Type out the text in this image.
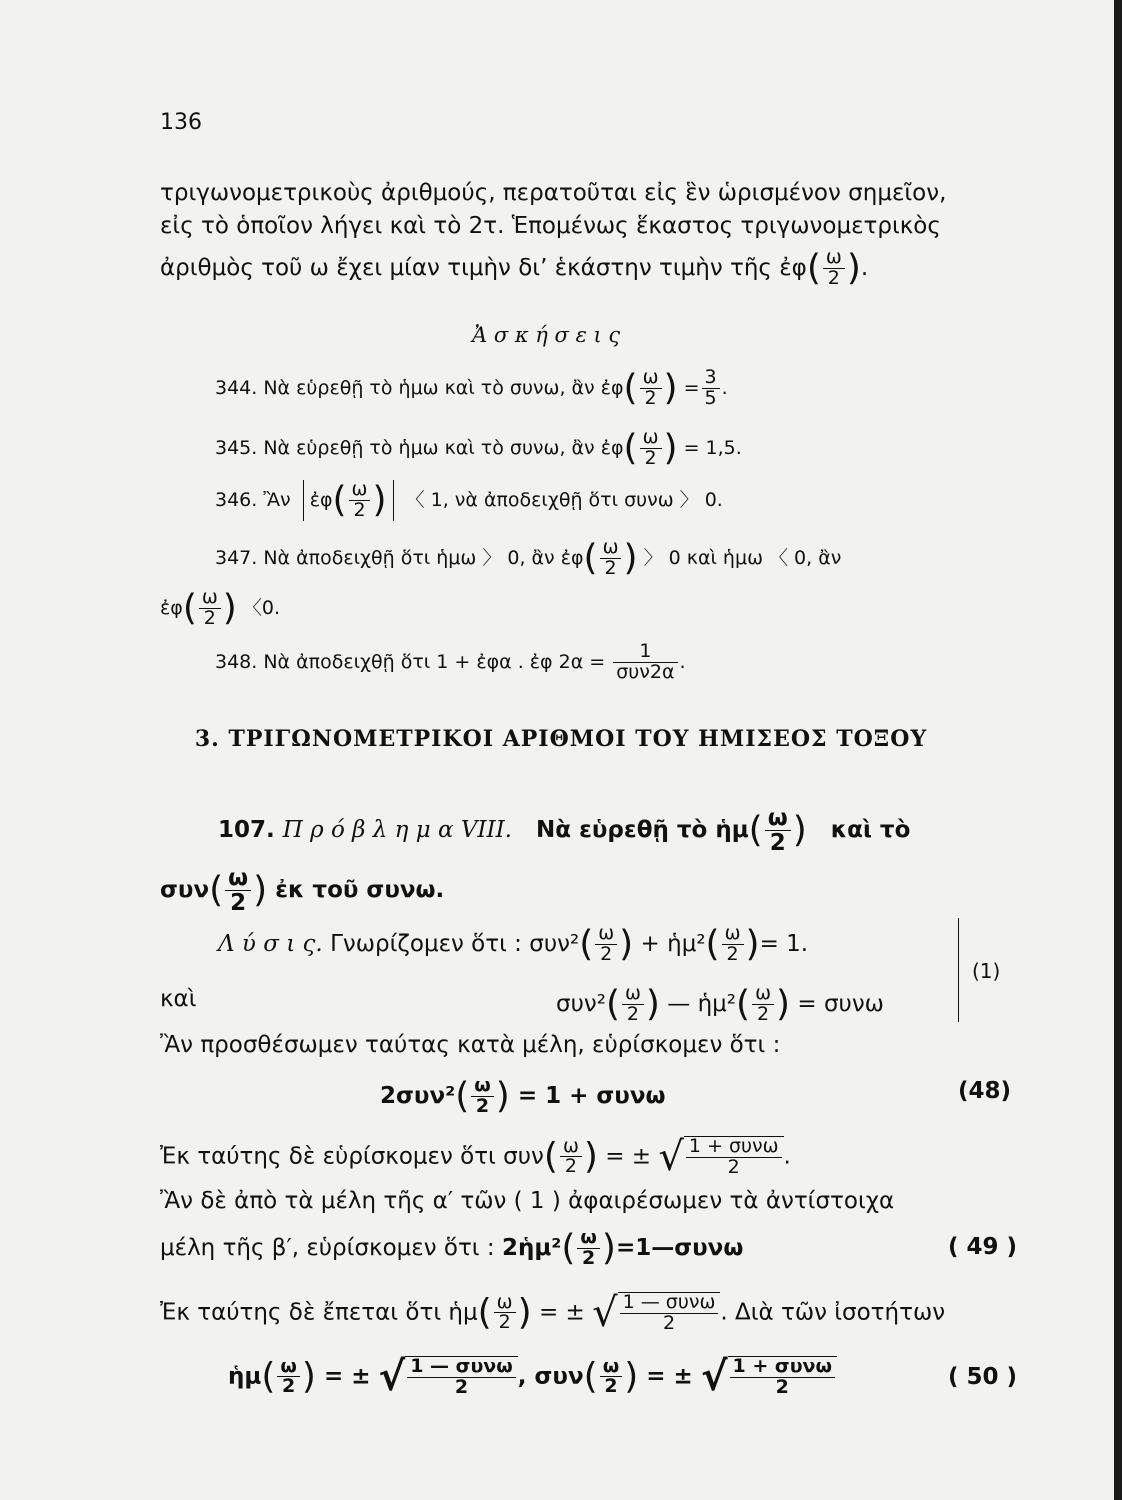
136
τριγωνομετρικοὺς ἀριθμούς, περατοῦται εἰς ἓν ὡρισμένον σημεῖον,
εἰς τὸ ὁποῖον λήγει καὶ τὸ 2τ. Ἑπομένως ἕκαστος τριγωνομετρικὸς
ἀριθμὸς τοῦ ω ἔχει μίαν τιμὴν δι’ ἑκάστην τιμὴν τῆς ἐφ( $\frac{\omega}{2}$ ).
Ἀ σ κ ή σ ε ι ς
344. Νὰ εὑρεθῇ τὸ ἡμω καὶ τὸ συνω, ἂν ἐφ( $\frac{\omega}{2}$ ) = $\frac{3}{5}$ .
345. Νὰ εὑρεθῇ τὸ ἡμω καὶ τὸ συνω, ἂν ἐφ( $\frac{\omega}{2}$ ) = 1,5.
346. Ἂν ἐφ( $\frac{\omega}{2}$ ) 〈 1, νὰ ἀποδειχθῇ ὅτι συνω 〉 0.
347. Νὰ ἀποδειχθῇ ὅτι ἡμω 〉 0, ἂν ἐφ( $\frac{\omega}{2}$ ) 〉 0 καὶ ἡμω 〈 0, ἂν
ἐφ( $\frac{\omega}{2}$ ) 〈0.
348. Νὰ ἀποδειχθῇ ὅτι 1 + ἐφα . ἐφ $2\alpha = \frac{1}{\text{συν2α}}$ .
3. ΤΡΙΓΩΝΟΜΕΤΡΙΚΟΙ ΑΡΙΘΜΟΙ ΤΟΥ ΗΜΙΣΕΟΣ ΤΟΞΟΥ
107. Π ρ ό β λ η μ α VIII. Νὰ εὑρεθῇ τὸ ἡμ( $\frac{\omega}{2}$ ) καὶ τὸ
$\sigma\upsilon\nu( \frac{\omega}{2}$ ) ἐκ τοῦ συνω.
Λ ύ σ ι ς. Γνωρίζομεν ὅτι : $\sigma\upsilon\nu^2( \frac{\omega}{2}$ ) + ἡμ²( $\frac{\omega}{2}$ )= 1.
καὶ	$\sigma\upsilon\nu^2( \frac{\omega}{2}$ ) — ἡμ²( $\frac{\omega}{2}$ ) = συνω
(1)
Ἂν προσθέσωμεν ταύτας κατὰ μέλη, εὑρίσκομεν ὅτι :
$2\sigma\upsilon\nu^2( \frac{\omega}{2}$ ) = 1 + συνω	(48)
Ἐκ ταύτης δὲ εὑρίσκομεν ὅτι $\sigma\upsilon\nu( \frac{\omega}{2}$ ) = ± √ $\frac{\text{1 + συνω}}{2}$ .
Ἂν δὲ ἀπὸ τὰ μέλη τῆς α′ τῶν ( 1 ) ἀφαιρέσωμεν τὰ ἀντίστοιχα
μέλη τῆς β′, εὑρίσκομεν ὅτι : 2ἡμ²( $\frac{\omega}{2}$ )=1—συνω	( 49 )
Ἐκ ταύτης δὲ ἔπεται ὅτι ἡμ( $\frac{\omega}{2}$ ) = ± √ $\frac{\text{1 — συνω}}{2}$ . Διὰ τῶν ἰσοτήτων
ἡμ( $\frac{\omega}{2}$ ) = ± √ $\frac{\text{1 — συνω}}{2}$ , $\sigma\upsilon\nu( \frac{\omega}{2}$ ) = ± √ $\frac{\text{1 + συνω}}{2}$	( 50 )
